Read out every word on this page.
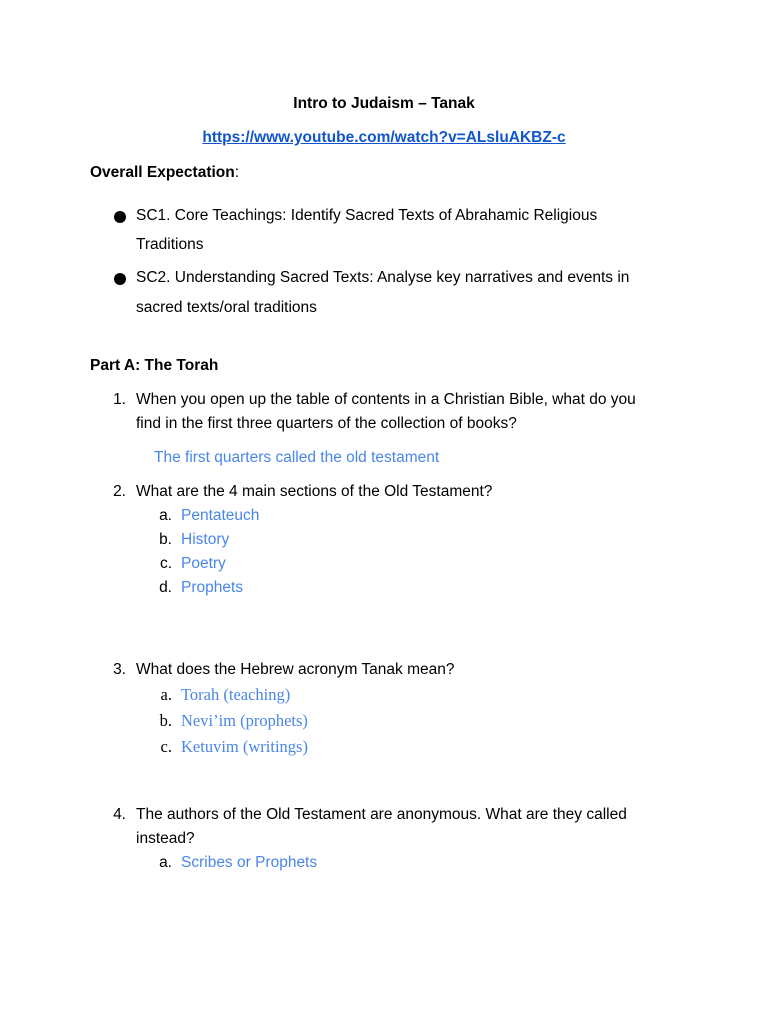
Intro to Judaism – Tanak
https://www.youtube.com/watch?v=ALsluAKBZ-c
Overall Expectation:
SC1. Core Teachings: Identify Sacred Texts of Abrahamic Religious
Traditions
SC2. Understanding Sacred Texts: Analyse key narratives and events in
sacred texts/oral traditions
Part A: The Torah
1. When you open up the table of contents in a Christian Bible, what do you
find in the first three quarters of the collection of books?
The first quarters called the old testament
2. What are the 4 main sections of the Old Testament?
a. Pentateuch
b. History
c. Poetry
d. Prophets
3. What does the Hebrew acronym Tanak mean?
a. Torah (teaching)
b. Nevi’im (prophets)
c. Ketuvim (writings)
4. The authors of the Old Testament are anonymous. What are they called
instead?
a. Scribes or Prophets
